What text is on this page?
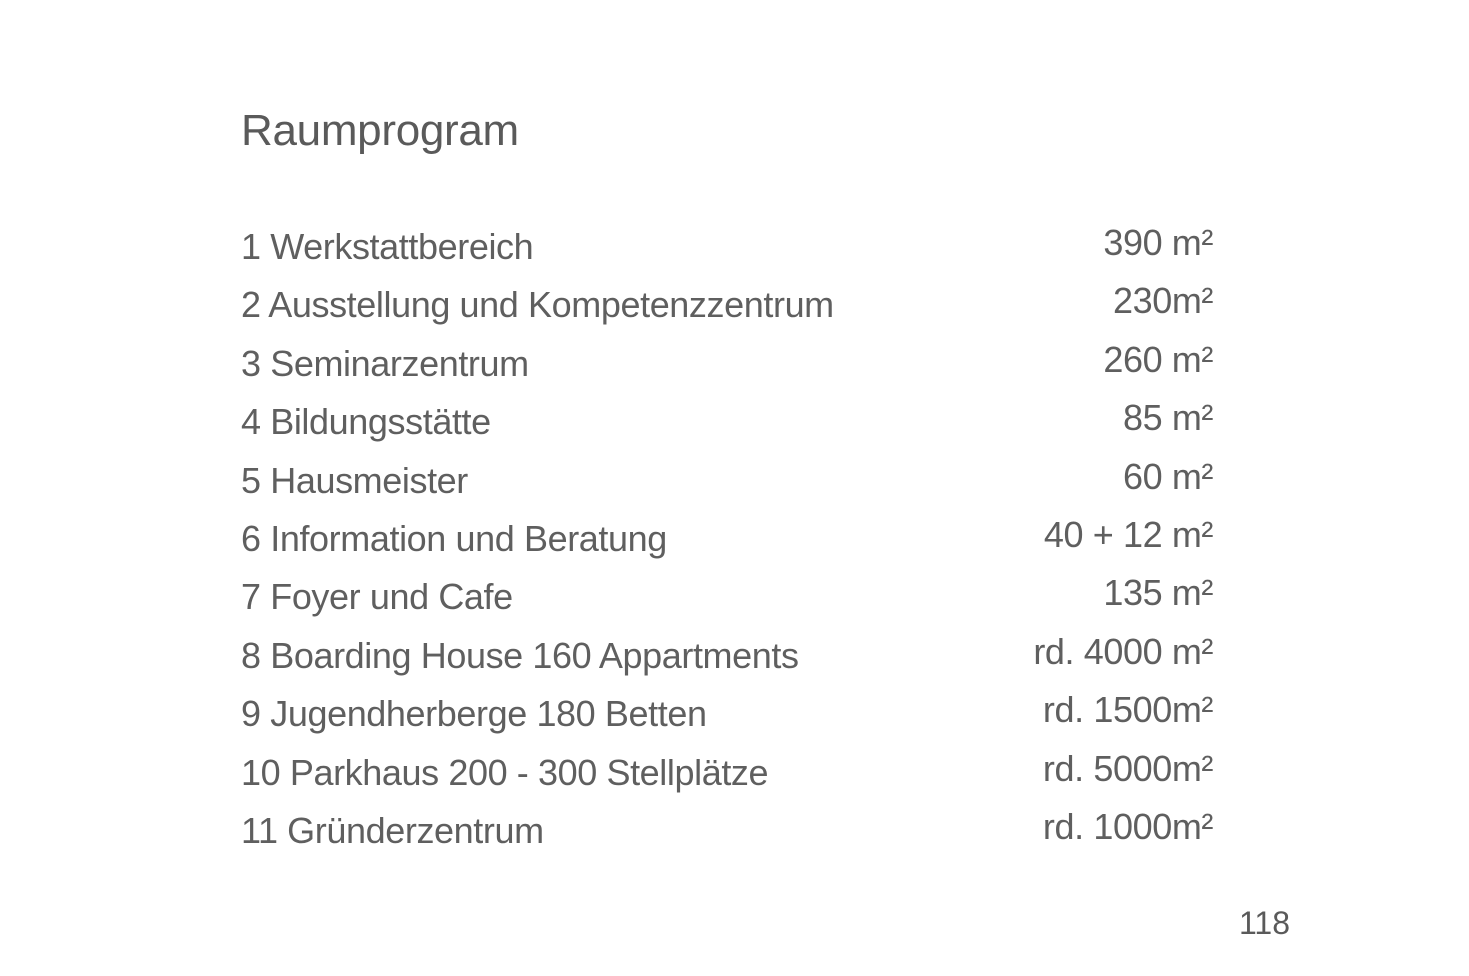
Raumprogram
1 Werkstattbereich	390 m²
2 Ausstellung und Kompetenzzentrum	230m²
3 Seminarzentrum	260 m²
4 Bildungsstätte	85 m²
5 Hausmeister	60 m²
6 Information und Beratung	40 + 12 m²
7 Foyer und Cafe	135 m²
8 Boarding House 160 Appartments	rd. 4000 m²
9 Jugendherberge 180 Betten	rd. 1500m²
10 Parkhaus 200 - 300 Stellplätze	rd. 5000m²
11 Gründerzentrum	rd. 1000m²
118
